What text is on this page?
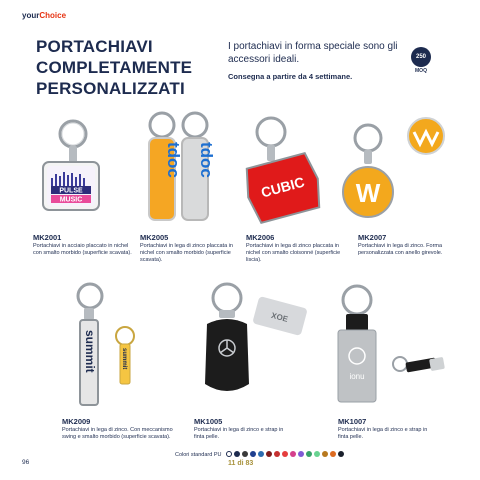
yourChoice
PORTACHIAVI COMPLETAMENTE PERSONALIZZATI
I portachiavi in forma speciale sono gli accessori ideali.
Consegna a partire da 4 settimane.
250
MOQ
PULSE
MUSIC
tdoc tdoc
CUBIC W
summit	summit
XOE
ionu
MK2001
Portachiavi in acciaio placcato in nichel con smalto morbido (superficie scavata).
MK2005
Portachiavi in lega di zinco placcata in nichel con smalto morbido (superficie scavata).
MK2006
Portachiavi in lega di zinco placcata in nichel con smalto cloisonné (superficie liscia).
MK2007
Portachiavi in lega di zinco. Forma personalizzata con anello girevole.
MK2009
Portachiavi in lega di zinco. Con meccanismo swing e smalto morbido (superficie scavata).
MK1005
Portachiavi in lega di zinco e strap in finta pelle.
MK1007
Portachiavi in lega di zinco e strap in finta pelle.
96
Colori standard PU
11 di 83
